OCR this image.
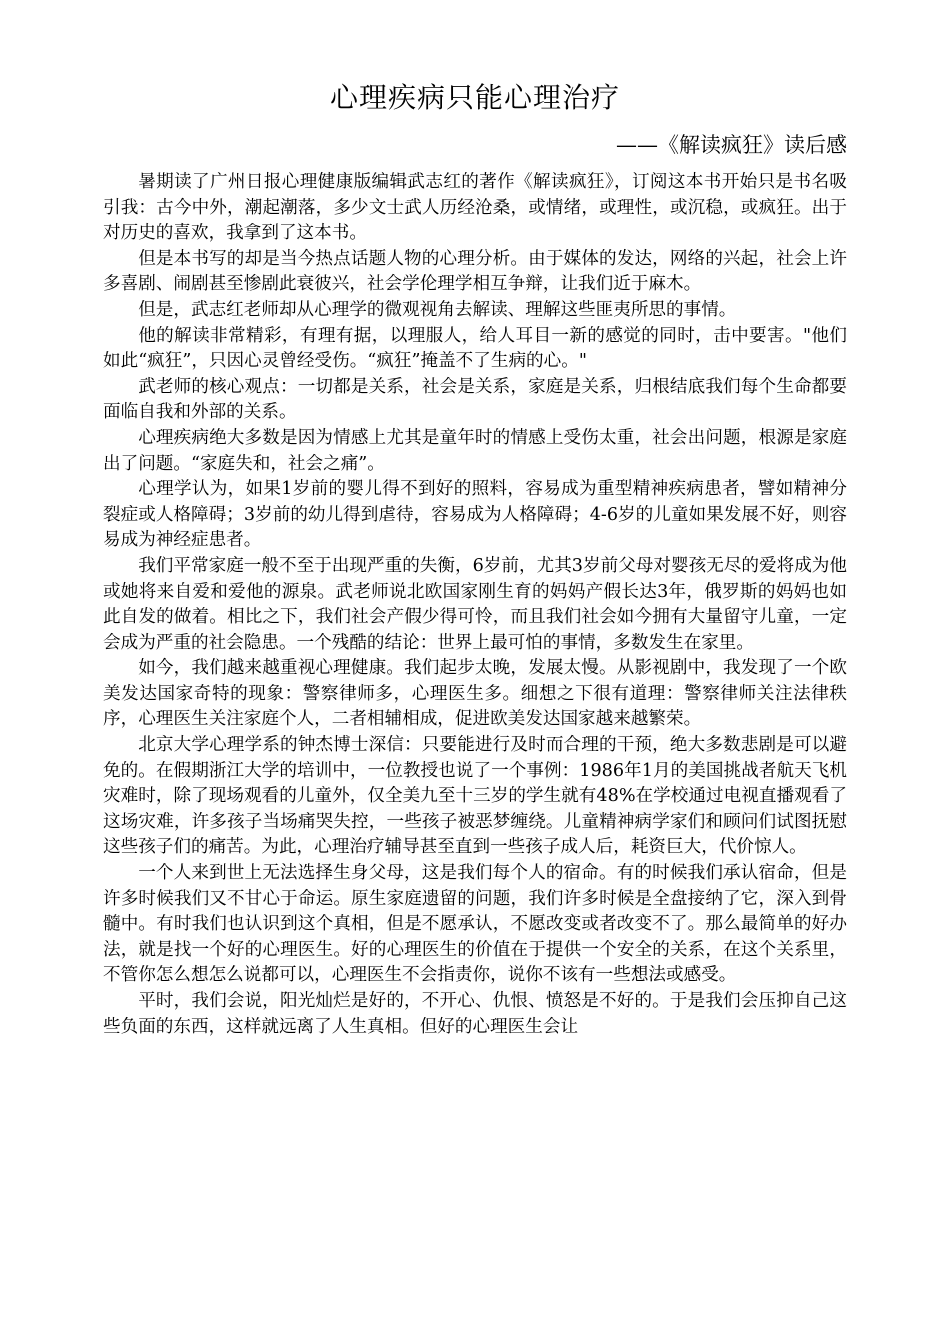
心理疾病只能心理治疗
——《解读疯狂》读后感

暑期读了广州日报心理健康版编辑武志红的著作《解读疯狂》，订阅这本书开始只是书名吸引我：古今中外，潮起潮落，多少文士武人历经沧桑，或情绪，或理性，或沉稳，或疯狂。出于对历史的喜欢，我拿到了这本书。

但是本书写的却是当今热点话题人物的心理分析。由于媒体的发达，网络的兴起，社会上许多喜剧、闹剧甚至惨剧此衰彼兴，社会学伦理学相互争辩，让我们近于麻木。

但是，武志红老师却从心理学的微观视角去解读、理解这些匪夷所思的事情。

他的解读非常精彩，有理有据，以理服人，给人耳目一新的感觉的同时，击中要害。"他们如此“疯狂”，只因心灵曾经受伤。“疯狂”掩盖不了生病的心。"

武老师的核心观点：一切都是关系，社会是关系，家庭是关系，归根结底我们每个生命都要面临自我和外部的关系。

心理疾病绝大多数是因为情感上尤其是童年时的情感上受伤太重，社会出问题，根源是家庭出了问题。“家庭失和，社会之痛”。

心理学认为，如果1岁前的婴儿得不到好的照料，容易成为重型精神疾病患者，譬如精神分裂症或人格障碍；3岁前的幼儿得到虐待，容易成为人格障碍；4-6岁的儿童如果发展不好，则容易成为神经症患者。

我们平常家庭一般不至于出现严重的失衡，6岁前，尤其3岁前父母对婴孩无尽的爱将成为他或她将来自爱和爱他的源泉。武老师说北欧国家刚生育的妈妈产假长达3年，俄罗斯的妈妈也如此自发的做着。相比之下，我们社会产假少得可怜，而且我们社会如今拥有大量留守儿童，一定会成为严重的社会隐患。一个残酷的结论：世界上最可怕的事情，多数发生在家里。

如今，我们越来越重视心理健康。我们起步太晚，发展太慢。从影视剧中，我发现了一个欧美发达国家奇特的现象：警察律师多，心理医生多。细想之下很有道理：警察律师关注法律秩序，心理医生关注家庭个人，二者相辅相成，促进欧美发达国家越来越繁荣。

北京大学心理学系的钟杰博士深信：只要能进行及时而合理的干预，绝大多数悲剧是可以避免的。在假期浙江大学的培训中，一位教授也说了一个事例：1986年1月的美国挑战者航天飞机灾难时，除了现场观看的儿童外，仅全美九至十三岁的学生就有48%在学校通过电视直播观看了这场灾难，许多孩子当场痛哭失控，一些孩子被恶梦缠绕。儿童精神病学家们和顾问们试图抚慰这些孩子们的痛苦。为此，心理治疗辅导甚至直到一些孩子成人后，耗资巨大，代价惊人。

一个人来到世上无法选择生身父母，这是我们每个人的宿命。有的时候我们承认宿命，但是许多时候我们又不甘心于命运。原生家庭遗留的问题，我们许多时候是全盘接纳了它，深入到骨髓中。有时我们也认识到这个真相，但是不愿承认，不愿改变或者改变不了。那么最简单的好办法，就是找一个好的心理医生。好的心理医生的价值在于提供一个安全的关系，在这个关系里，不管你怎么想怎么说都可以，心理医生不会指责你，说你不该有一些想法或感受。

平时，我们会说，阳光灿烂是好的，不开心、仇恨、愤怒是不好的。于是我们会压抑自己这些负面的东西，这样就远离了人生真相。但好的心理医生会让
